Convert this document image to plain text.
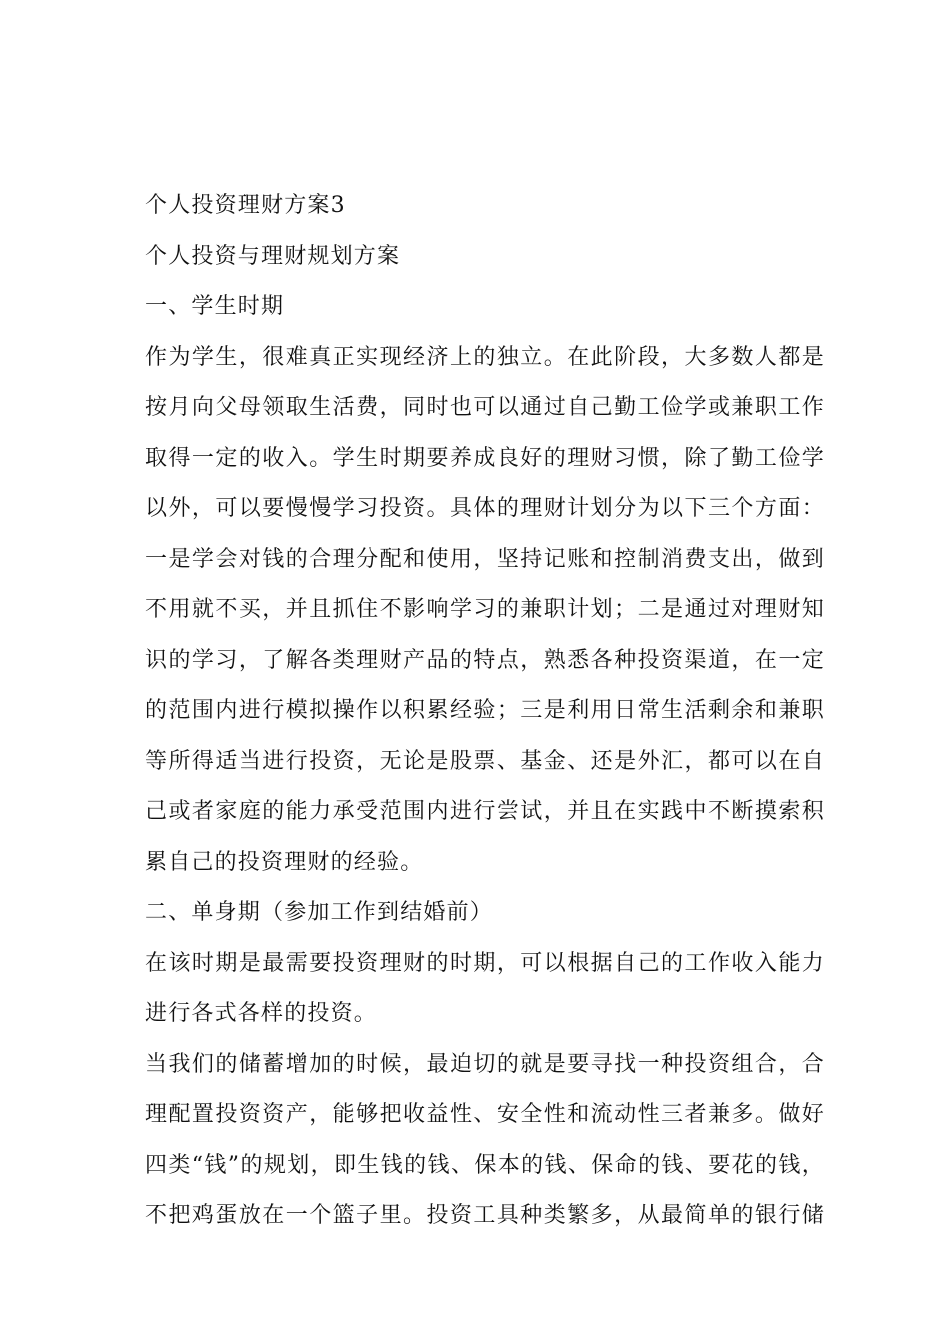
个人投资理财方案3
个人投资与理财规划方案
一、学生时期
作为学生，很难真正实现经济上的独立。在此阶段，大多数人都是
按月向父母领取生活费，同时也可以通过自己勤工俭学或兼职工作
取得一定的收入。学生时期要养成良好的理财习惯，除了勤工俭学
以外，可以要慢慢学习投资。具体的理财计划分为以下三个方面：
一是学会对钱的合理分配和使用，坚持记账和控制消费支出，做到
不用就不买，并且抓住不影响学习的兼职计划；二是通过对理财知
识的学习，了解各类理财产品的特点，熟悉各种投资渠道，在一定
的范围内进行模拟操作以积累经验；三是利用日常生活剩余和兼职
等所得适当进行投资，无论是股票、基金、还是外汇，都可以在自
己或者家庭的能力承受范围内进行尝试，并且在实践中不断摸索积
累自己的投资理财的经验。
二、单身期（参加工作到结婚前）
在该时期是最需要投资理财的时期，可以根据自己的工作收入能力
进行各式各样的投资。
当我们的储蓄增加的时候，最迫切的就是要寻找一种投资组合，合
理配置投资资产，能够把收益性、安全性和流动性三者兼多。做好
四类“钱”的规划，即生钱的钱、保本的钱、保命的钱、要花的钱，
不把鸡蛋放在一个篮子里。投资工具种类繁多，从最简单的银行储
